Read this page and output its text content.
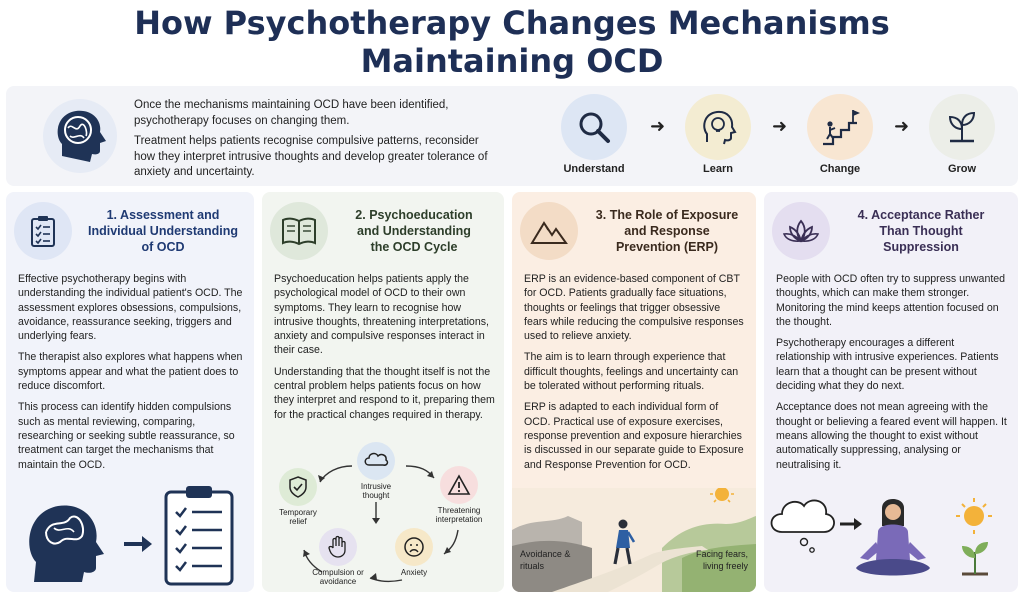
How Psychotherapy Changes Mechanisms
Maintaining OCD

Once the mechanisms maintaining OCD have been identified, psychotherapy focuses on changing them.

Treatment helps patients recognise compulsive patterns, reconsider how they interpret intrusive thoughts and develop greater tolerance of anxiety and uncertainty.	Understand
➜
Learn
➜
Change
➜
Grow
1. Assessment and
Individual Understanding
of OCD

Effective psychotherapy begins with understanding the individual patient's OCD. The assessment explores obsessions, compulsions, avoidance, reassurance seeking, triggers and underlying fears.

The therapist also explores what happens when symptoms appear and what the patient does to reduce discomfort.

This process can identify hidden compulsions such as mental reviewing, comparing, researching or seeking subtle reassurance, so treatment can target the mechanisms that maintain the OCD.

2. Psychoeducation
and Understanding
the OCD Cycle

Psychoeducation helps patients apply the psychological model of OCD to their own symptoms. They learn to recognise how intrusive thoughts, threatening interpretations, anxiety and compulsive responses interact in their case.

Understanding that the thought itself is not the central problem helps patients focus on how they interpret and respond to it, preparing them for the practical changes required in therapy.

Intrusive thought
Threatening interpretation
Anxiety
Compulsion or avoidance
Temporary relief
3. The Role of Exposure
and Response
Prevention (ERP)

ERP is an evidence-based component of CBT for OCD. Patients gradually face situations, thoughts or feelings that trigger obsessive fears while reducing the compulsive responses used to relieve anxiety.

The aim is to learn through experience that difficult thoughts, feelings and uncertainty can be tolerated without performing rituals.

ERP is adapted to each individual form of OCD. Practical use of exposure exercises, response prevention and exposure hierarchies is discussed in our separate guide to Exposure and Response Prevention for OCD.

Avoidance & rituals
Facing fears, living freely
4. Acceptance Rather
Than Thought
Suppression

People with OCD often try to suppress unwanted thoughts, which can make them stronger. Monitoring the mind keeps attention focused on the thought.

Psychotherapy encourages a different relationship with intrusive experiences. Patients learn that a thought can be present without deciding what they do next.

Acceptance does not mean agreeing with the thought or believing a feared event will happen. It means allowing the thought to exist without automatically suppressing, analysing or neutralising it.
